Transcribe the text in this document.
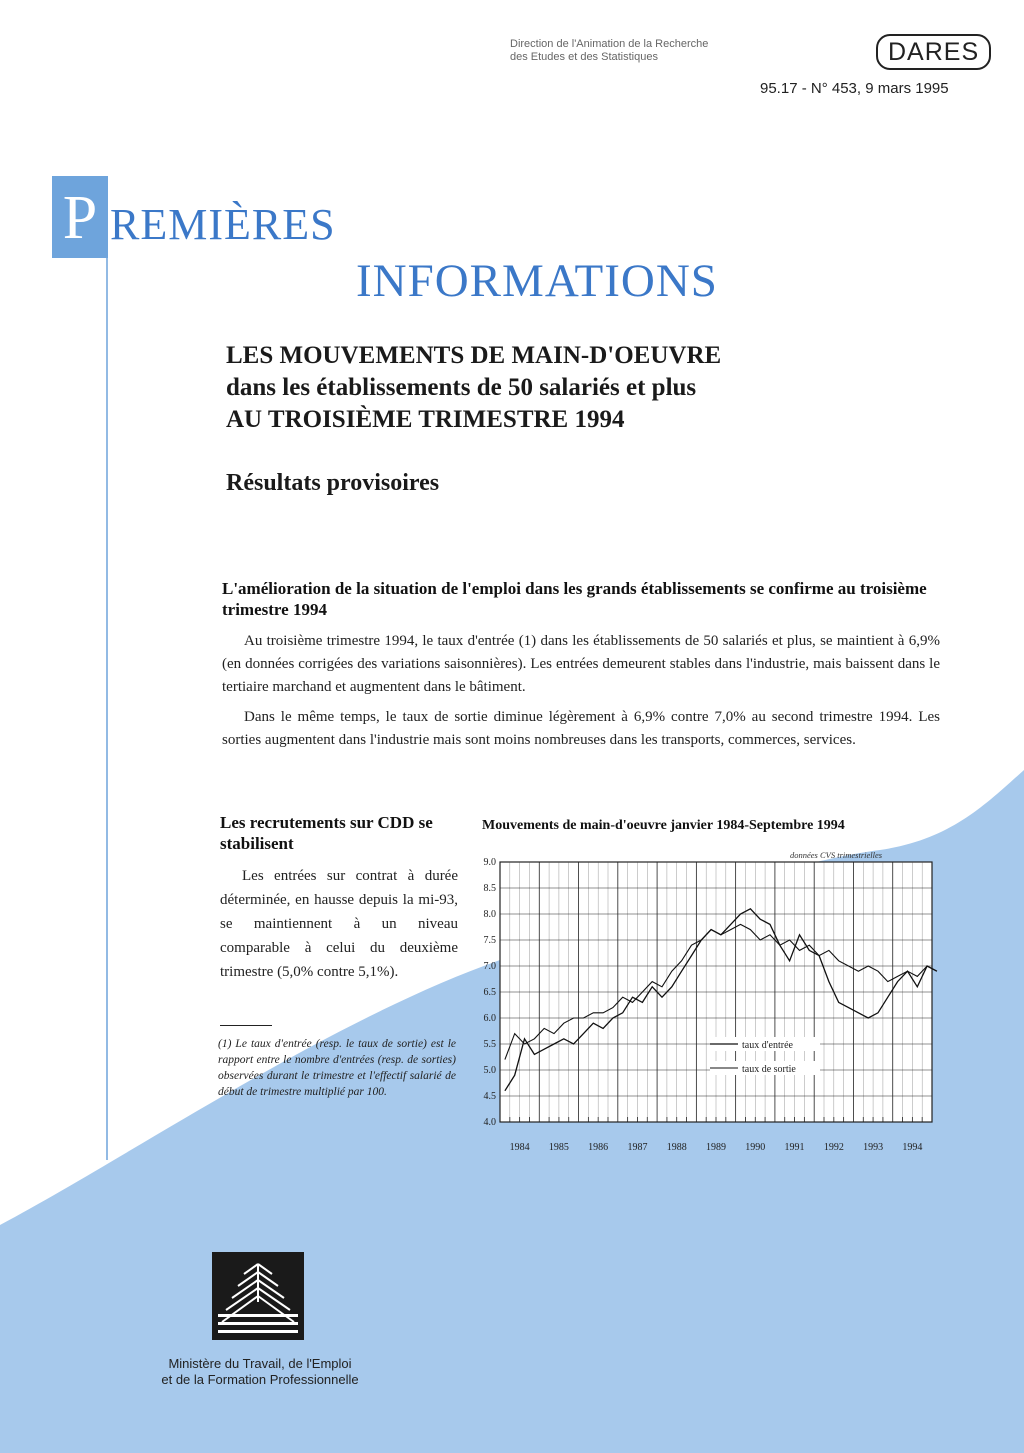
Direction de l'Animation de la Recherche
des Etudes et des Statistiques	DARES
95.17 - N° 453, 9 mars 1995
P REMIÈRES
INFORMATIONS
LES MOUVEMENTS DE MAIN-D'OEUVRE
dans les établissements de 50 salariés et plus
AU TROISIÈME TRIMESTRE 1994
Résultats provisoires
L'amélioration de la situation de l'emploi dans les grands établissements se confirme au troisième trimestre 1994
Au troisième trimestre 1994, le taux d'entrée (1) dans les établissements de 50 salariés et plus, se maintient à 6,9% (en données corrigées des variations saisonnières). Les entrées demeurent stables dans l'industrie, mais baissent dans le tertiaire marchand et augmentent dans le bâtiment.
Dans le même temps, le taux de sortie diminue légèrement à 6,9% contre 7,0% au second trimestre 1994. Les sorties augmentent dans l'industrie mais sont moins nombreuses dans les transports, commerces, services.
Les recrutements sur CDD se stabilisent
Les entrées sur contrat à durée déterminée, en hausse depuis la mi-93, se maintiennent à un niveau comparable à celui du deuxième trimestre (5,0% contre 5,1%).
(1) Le taux d'entrée (resp. le taux de sortie) est le rapport entre le nombre d'entrées (resp. de sorties) observées durant le trimestre et l'effectif salarié de début de trimestre multiplié par 100.
Mouvements de main-d'oeuvre janvier 1984-Septembre 1994
données CVS trimestrielles
9.0
8.5
8.0
7.5
7.0
6.5
6.0
5.5
5.0
4.5
4.0
1984 1985 1986 1987 1988 1989 1990 1991 1992 1993 1994
taux d'entrée
taux de sortie
Ministère du Travail, de l'Emploi
et de la Formation Professionnelle
